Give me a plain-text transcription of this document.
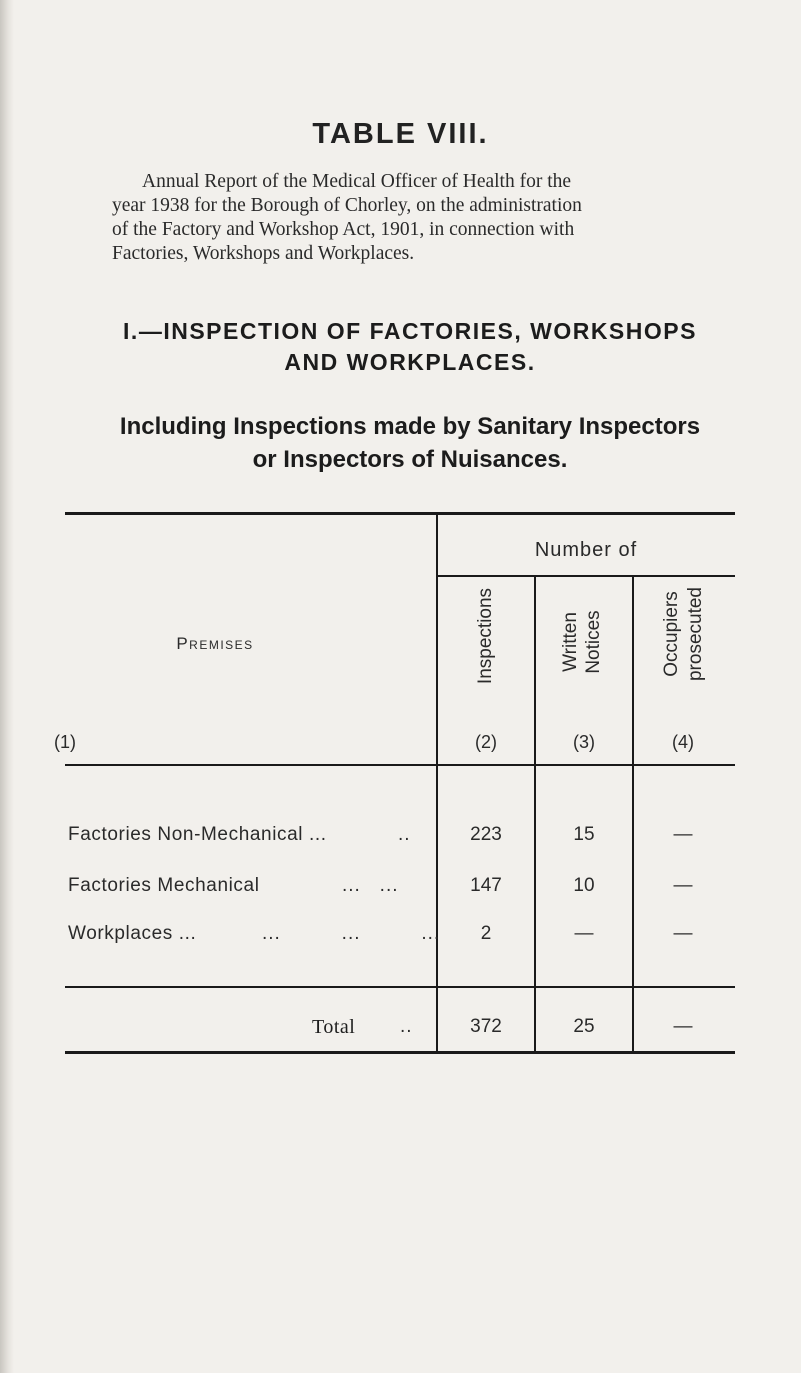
TABLE VIII.
Annual Report of the Medical Officer of Health for the
year 1938 for the Borough of Chorley, on the administration
of the Factory and Workshop Act, 1901, in connection with
Factories, Workshops and Workplaces.
I.—INSPECTION OF FACTORIES, WORKSHOPS
AND WORKPLACES.
Including Inspections made by Sanitary Inspectors
or Inspectors of Nuisances.
Number of
Premises	Inspections	Written Notices	Occupiers prosecuted
(1)	(2)	(3)	(4)
Factories Non-Mechanical ...	..	223	15	—
Factories Mechanical	...   ...	147	10	—
Workplaces ...	...   ...   ...	2	—	—
Total ..	372	25	—
